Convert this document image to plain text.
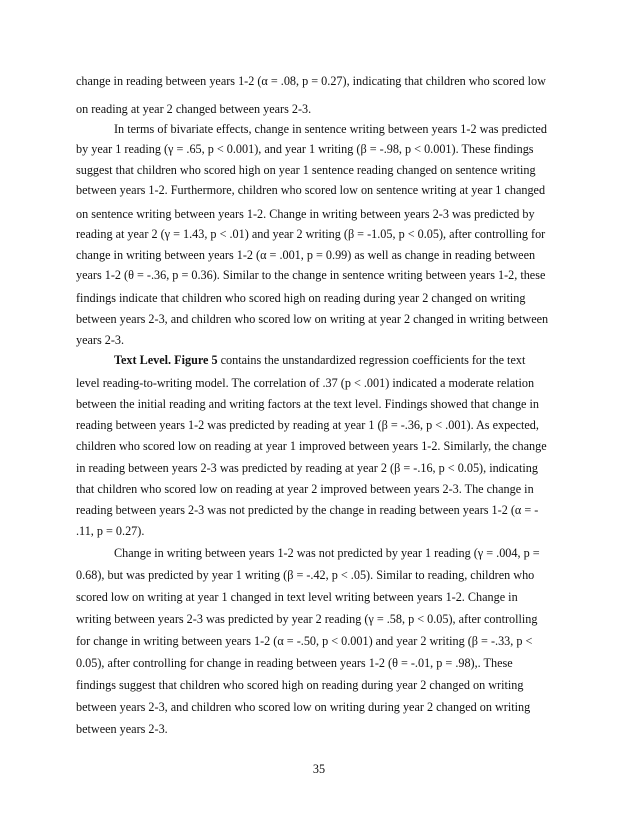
change in reading between years 1-2 (α = .08, p = 0.27), indicating that children who scored low
on reading at year 2 changed between years 2-3.
In terms of bivariate effects, change in sentence writing between years 1-2 was predicted
by year 1 reading (γ = .65, p < 0.001), and year 1 writing (β = -.98, p < 0.001). These findings
suggest that children who scored high on year 1 sentence reading changed on sentence writing
between years 1-2. Furthermore, children who scored low on sentence writing at year 1 changed
on sentence writing between years 1-2. Change in writing between years 2-3 was predicted by
reading at year 2 (γ = 1.43, p < .01) and year 2 writing (β = -1.05, p < 0.05), after controlling for
change in writing between years 1-2 (α = .001, p = 0.99) as well as change in reading between
years 1-2 (θ = -.36, p = 0.36). Similar to the change in sentence writing between years 1-2, these
findings indicate that children who scored high on reading during year 2 changed on writing
between years 2-3, and children who scored low on writing at year 2 changed in writing between
years 2-3.
Text Level. Figure 5 contains the unstandardized regression coefficients for the text
level reading-to-writing model. The correlation of .37 (p < .001) indicated a moderate relation
between the initial reading and writing factors at the text level. Findings showed that change in
reading between years 1-2 was predicted by reading at year 1 (β = -.36, p < .001). As expected,
children who scored low on reading at year 1 improved between years 1-2. Similarly, the change
in reading between years 2-3 was predicted by reading at year 2 (β = -.16, p < 0.05), indicating
that children who scored low on reading at year 2 improved between years 2-3. The change in
reading between years 2-3 was not predicted by the change in reading between years 1-2 (α = -
.11, p = 0.27).
Change in writing between years 1-2 was not predicted by year 1 reading (γ = .004, p =
0.68), but was predicted by year 1 writing (β = -.42, p < .05). Similar to reading, children who
scored low on writing at year 1 changed in text level writing between years 1-2. Change in
writing between years 2-3 was predicted by year 2 reading (γ = .58, p < 0.05), after controlling
for change in writing between years 1-2 (α = -.50, p < 0.001) and year 2 writing (β = -.33, p <
0.05), after controlling for change in reading between years 1-2 (θ = -.01, p = .98),. These
findings suggest that children who scored high on reading during year 2 changed on writing
between years 2-3, and children who scored low on writing during year 2 changed on writing
between years 2-3.
35
